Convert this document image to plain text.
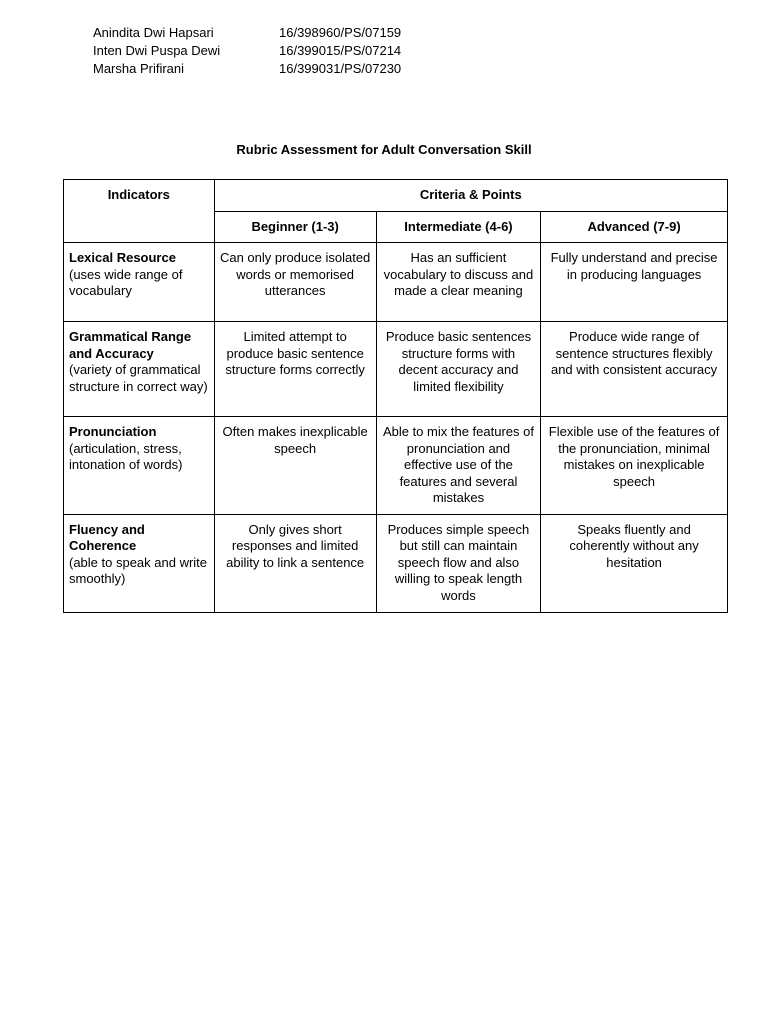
Anindita Dwi Hapsari	16/398960/PS/07159
Inten Dwi Puspa Dewi	16/399015/PS/07214
Marsha Prifirani	16/399031/PS/07230
Rubric Assessment for Adult Conversation Skill
Indicators	Criteria & Points		
	Beginner (1-3)	Intermediate (4-6)	Advanced (7-9)

Lexical Resource
(uses wide range of vocabulary	Can only produce isolated words or memorised utterances	Has an sufficient vocabulary to discuss and made a clear meaning	Fully understand and precise in producing languages

Grammatical Range and Accuracy
(variety of grammatical structure in correct way)	Limited attempt to produce basic sentence structure forms correctly	Produce basic sentences structure forms with decent accuracy and limited flexibility	Produce wide range of sentence structures flexibly and with consistent accuracy

Pronunciation
(articulation, stress, intonation of words)	Often makes inexplicable speech	Able to mix the features of pronunciation and effective use of the features and several mistakes	Flexible use of the features of the pronunciation, minimal mistakes on inexplicable speech

Fluency and Coherence
(able to speak and write smoothly)	Only gives short responses and limited ability to link a sentence	Produces simple speech but still can maintain speech flow and also willing to speak length words	Speaks fluently and coherently without any hesitation
